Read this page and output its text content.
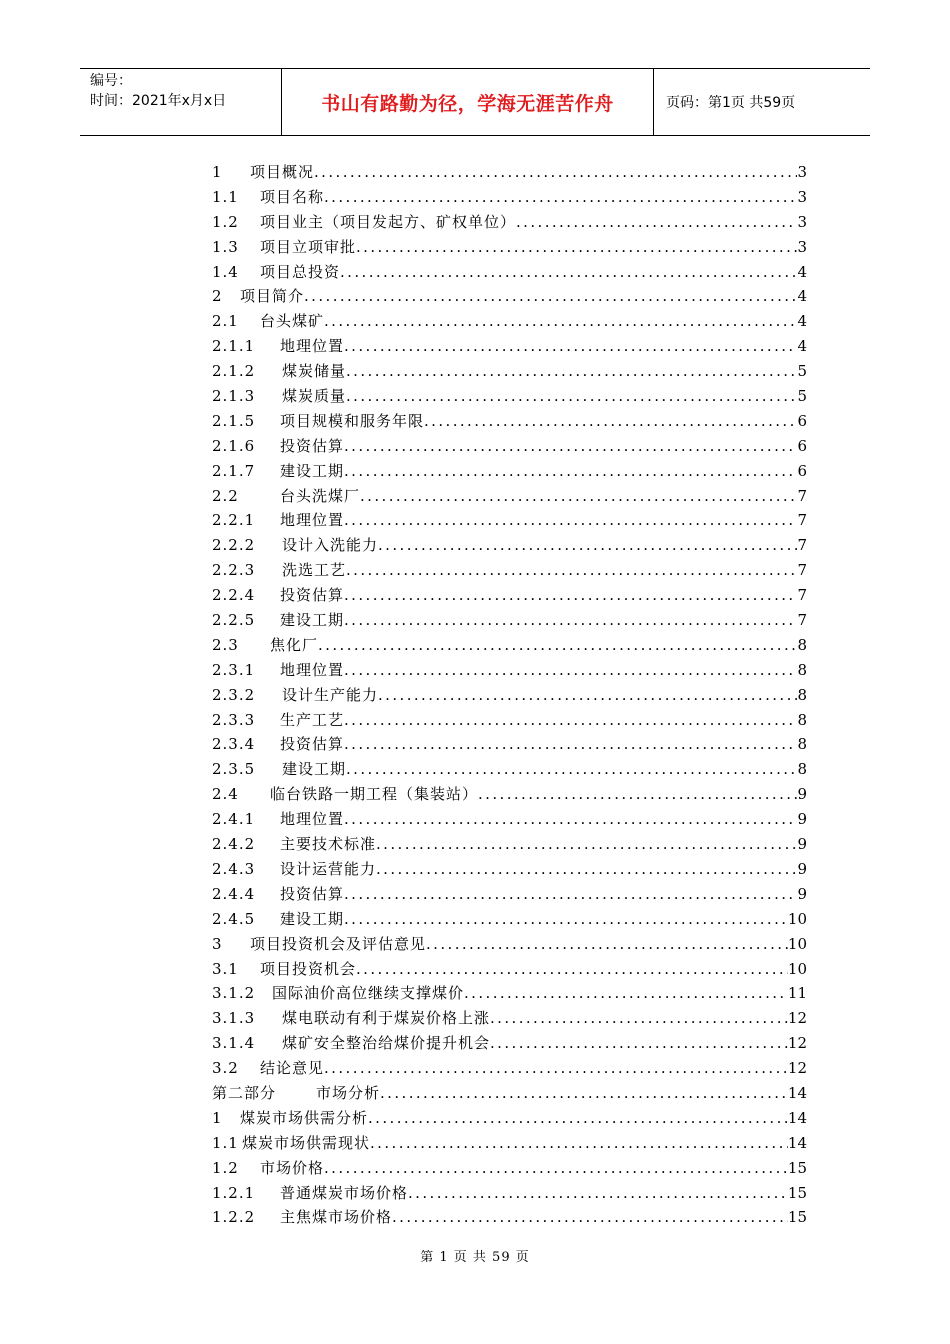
编号：
时间：2021年x月x日	书山有路勤为径，学海无涯苦作舟	页码：第1页 共59页
1	项目概况 .....	3
1.1	项目名称 .....	3
1.2	项目业主（项目发起方、矿权单位） .....	3
1.3	项目立项审批 .....	3
1.4	项目总投资 .....	4
2	项目简介 .....	4
2.1	台头煤矿 .....	4
2.1.1	地理位置 .....	4
2.1.2	煤炭储量 .....	5
2.1.3	煤炭质量 .....	5
2.1.5	项目规模和服务年限 .....	6
2.1.6	投资估算 .....	6
2.1.7	建设工期 .....	6
2.2	台头洗煤厂 .....	7
2.2.1	地理位置 .....	7
2.2.2	设计入洗能力 .....	7
2.2.3	洗选工艺 .....	7
2.2.4	投资估算 .....	7
2.2.5	建设工期 .....	7
2.3	焦化厂 .....	8
2.3.1	地理位置 .....	8
2.3.2	设计生产能力 .....	8
2.3.3	生产工艺 .....	8
2.3.4	投资估算 .....	8
2.3.5	建设工期 .....	8
2.4	临台铁路一期工程（集装站） .....	9
2.4.1	地理位置 .....	9
2.4.2	主要技术标准 .....	9
2.4.3	设计运营能力 .....	9
2.4.4	投资估算 .....	9
2.4.5	建设工期 .....	10
3	项目投资机会及评估意见 .....	10
3.1	项目投资机会 .....	10
3.1.2	国际油价高位继续支撑煤价 .....	11
3.1.3	煤电联动有利于煤炭价格上涨 .....	12
3.1.4	煤矿安全整治给煤价提升机会 .....	12
3.2	结论意见 .....	12
第二部分	市场分析 .....	14
1	煤炭市场供需分析 .....	14
1.1 煤炭市场供需现状 .....	14
1.2	市场价格 .....	15
1.2.1	普通煤炭市场价格 .....	15
1.2.2	主焦煤市场价格 .....	15
第 1 页 共 59 页
